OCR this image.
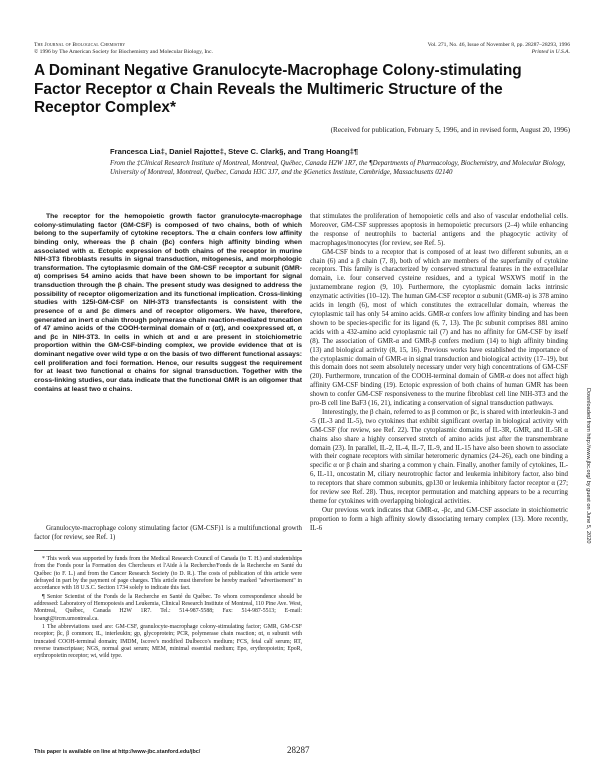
The Journal of Biological Chemistry
© 1996 by The American Society for Biochemistry and Molecular Biology, Inc.
Vol. 271, No. 46, Issue of November 8, pp. 28287–28293, 1996
Printed in U.S.A.
A Dominant Negative Granulocyte-Macrophage Colony-stimulating Factor Receptor α Chain Reveals the Multimeric Structure of the Receptor Complex*
(Received for publication, February 5, 1996, and in revised form, August 20, 1996)
Francesca Lia‡, Daniel Rajotte‡, Steve C. Clark§, and Trang Hoang‡¶
From the ‡Clinical Research Institute of Montreal, Montreal, Québec, Canada H2W 1R7, the ¶Departments of Pharmacology, Biochemistry, and Molecular Biology, University of Montreal, Montreal, Québec, Canada H3C 3J7, and the §Genetics Institute, Cambridge, Massachusetts 02140

The receptor for the hemopoietic growth factor granulocyte-macrophage colony-stimulating factor (GM-CSF) is composed of two chains, both of which belong to the superfamily of cytokine receptors. The α chain confers low affinity binding only, whereas the β chain (βc) confers high affinity binding when associated with α. Ectopic expression of both chains of the receptor in murine NIH-3T3 fibroblasts results in signal transduction, mitogenesis, and morphologic transformation. The cytoplasmic domain of the GM-CSF receptor α subunit (GMR-α) comprises 54 amino acids that have been shown to be important for signal transduction through the β chain. The present study was designed to address the possibility of receptor oligomerization and its functional implication. Cross-linking studies with 125I-GM-CSF on NIH-3T3 transfectants is consistent with the presence of α and βc dimers and of receptor oligomers. We have, therefore, generated an inert α chain through polymerase chain reaction-mediated truncation of 47 amino acids of the COOH-terminal domain of α (αt), and coexpressed αt, α and βc in NIH-3T3. In cells in which αt and α are present in stoichiometric proportion within the GM-CSF-binding complex, we provide evidence that αt is dominant negative over wild type α on the basis of two different functional assays: cell proliferation and foci formation. Hence, our results suggest the requirement for at least two functional α chains for signal transduction. Together with the cross-linking studies, our data indicate that the functional GMR is an oligomer that contains at least two α chains.

Granulocyte-macrophage colony stimulating factor (GM-CSF)1 is a multifunctional growth factor (for review, see Ref. 1)

* This work was supported by funds from the Medical Research Council of Canada (to T. H.) and studentships from the Fonds pour la Formation des Chercheurs et l'Aide à la Recherche/Fonds de la Recherche en Santé du Québec (to F. L.) and from the Cancer Research Society (to D. R.). The costs of publication of this article were defrayed in part by the payment of page charges. This article must therefore be hereby marked "advertisement" in accordance with 18 U.S.C. Section 1734 solely to indicate this fact.

¶ Senior Scientist of the Fonds de la Recherche en Santé du Québec. To whom correspondence should be addressed: Laboratory of Hemopoiesis and Leukemia, Clinical Research Institute of Montreal, 110 Pine Ave. West, Montreal, Québec, Canada H2W 1R7. Tel.: 514-987-5588; Fax: 514-987-5513; E-mail: hoangt@ircm.umontreal.ca.

1 The abbreviations used are: GM-CSF, granulocyte-macrophage colony-stimulating factor; GMR, GM-CSF receptor; βc, β common; IL, interleukin; gp, glycoprotein; PCR, polymerase chain reaction; αt, α subunit with truncated COOH-terminal domain; IMDM, Iscove's modified Dulbecco's medium; FCS, fetal calf serum; RT, reverse transcriptase; NGS, normal goat serum; MEM, minimal essential medium; Epo, erythropoietin; EpoR, erythropoietin receptor; wt, wild type.

that stimulates the proliferation of hemopoietic cells and also of vascular endothelial cells. Moreover, GM-CSF suppresses apoptosis in hemopoietic precursors (2–4) while enhancing the response of neutrophils to bacterial antigens and the phagocytic activity of macrophages/monocytes (for review, see Ref. 5).

GM-CSF binds to a receptor that is composed of at least two different subunits, an α chain (6) and a β chain (7, 8), both of which are members of the superfamily of cytokine receptors. This family is characterized by conserved structural features in the extracellular domain, i.e. four conserved cysteine residues, and a typical WSXWS motif in the juxtamembrane region (9, 10). Furthermore, the cytoplasmic domain lacks intrinsic enzymatic activities (10–12). The human GM-CSF receptor α subunit (GMR-α) is 378 amino acids in length (6), most of which constitutes the extracellular domain, whereas the cytoplasmic tail has only 54 amino acids. GMR-α confers low affinity binding and has been shown to be species-specific for its ligand (6, 7, 13). The βc subunit comprises 881 amino acids with a 432-amino acid cytoplasmic tail (7) and has no affinity for GM-CSF by itself (8). The association of GMR-α and GMR-β confers medium (14) to high affinity binding (13) and biological activity (8, 15, 16). Previous works have established the importance of the cytoplasmic domain of GMR-α in signal transduction and biological activity (17–19), but this domain does not seem absolutely necessary under very high concentrations of GM-CSF (20). Furthermore, truncation of the COOH-terminal domain of GMR-α does not affect high affinity GM-CSF binding (19). Ectopic expression of both chains of human GMR has been shown to confer GM-CSF responsiveness to the murine fibroblast cell line NIH-3T3 and the pro-B cell line BaF3 (16, 21), indicating a conservation of signal transduction pathways.

Interestingly, the β chain, referred to as β common or βc, is shared with interleukin-3 and -5 (IL-3 and IL-5), two cytokines that exhibit significant overlap in biological activity with GM-CSF (for review, see Ref. 22). The cytoplasmic domains of IL-3R, GMR, and IL-5R α chains also share a highly conserved stretch of amino acids just after the transmembrane domain (23). In parallel, IL-2, IL-4, IL-7, IL-9, and IL-15 have also been shown to associate with their cognate receptors with similar heteromeric dynamics (24–26), each one binding a specific α or β chain and sharing a common γ chain. Finally, another family of cytokines, IL-6, IL-11, oncostatin M, ciliary neurotrophic factor and leukemia inhibitory factor, also bind to receptors that share common subunits, gp130 or leukemia inhibitory factor receptor α (27; for review see Ref. 28). Thus, receptor permutation and matching appears to be a recurring theme for cytokines with overlapping biological activities.

Our previous work indicates that GMR-α, -βc, and GM-CSF associate in stoichiometric proportion to form a high affinity slowly dissociating ternary complex (13). More recently, IL-6	Downloaded from http://www.jbc.org/ by guest on June 5, 2020
This paper is available on line at http://www-jbc.stanford.edu/jbc/	28287
